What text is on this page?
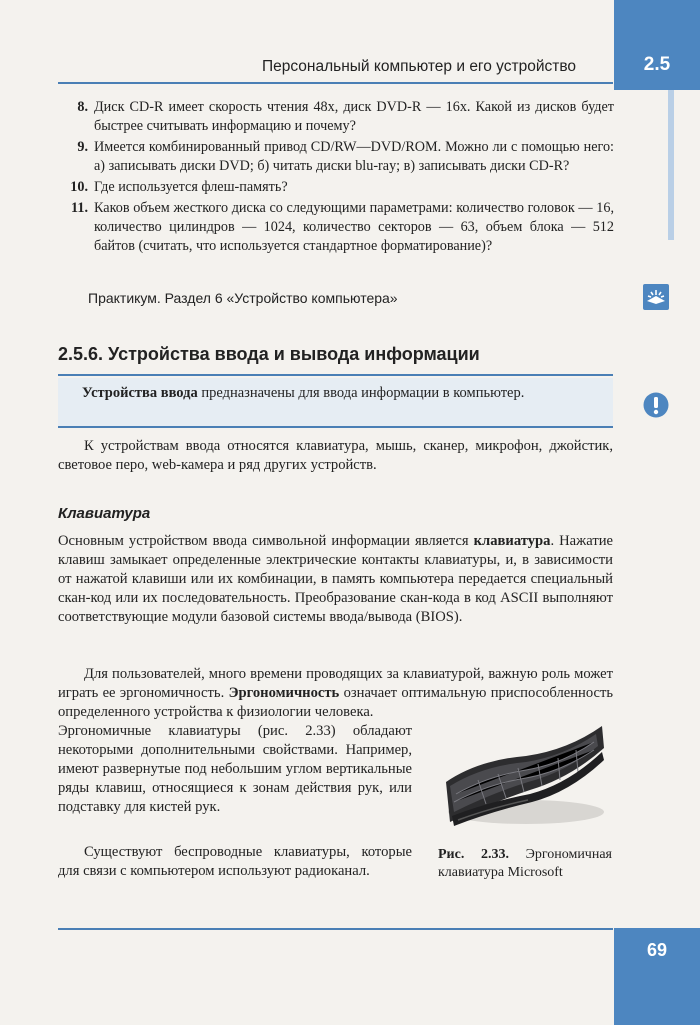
Персональный компьютер и его устройство	2.5
8. Диск CD-R имеет скорость чтения 48х, диск DVD-R — 16х. Какой из дисков будет быстрее считывать информацию и почему?
9. Имеется комбинированный привод CD/RW—DVD/ROM. Можно ли с помощью него: а) записывать диски DVD; б) читать диски blu-ray; в) записывать диски CD-R?
10. Где используется флеш-память?
11. Каков объем жесткого диска со следующими параметрами: количество головок — 16, количество цилиндров — 1024, количество секторов — 63, объем блока — 512 байтов (считать, что используется стандартное форматирование)?
Практикум. Раздел 6 «Устройство компьютера»
2.5.6. Устройства ввода и вывода информации
Устройства ввода предназначены для ввода информации в компьютер.

К устройствам ввода относятся клавиатура, мышь, сканер, микрофон, джойстик, световое перо, web-камера и ряд других устройств.

Клавиатура

Основным устройством ввода символьной информации является клавиатура. Нажатие клавиш замыкает определенные электрические контакты клавиатуры, и, в зависимости от нажатой клавиши или их комбинации, в память компьютера передается специальный скан-код или их последовательность. Преобразование скан-кода в код ASCII выполняют соответствующие модули базовой системы ввода/вывода (BIOS).

Для пользователей, много времени проводящих за клавиатурой, важную роль может играть ее эргономичность. Эргономичность означает оптимальную приспособленность определенного устройства к физиологии человека.

Эргономичные клавиатуры (рис. 2.33) обладают некоторыми дополнительными свойствами. Например, имеют развернутые под небольшим углом вертикальные ряды клавиш, относящиеся к зонам действия рук, или подставку для кистей рук.

Существуют беспроводные клавиатуры, которые для связи с компьютером используют радиоканал.

Рис. 2.33. Эргономичная клавиатура Microsoft
69
